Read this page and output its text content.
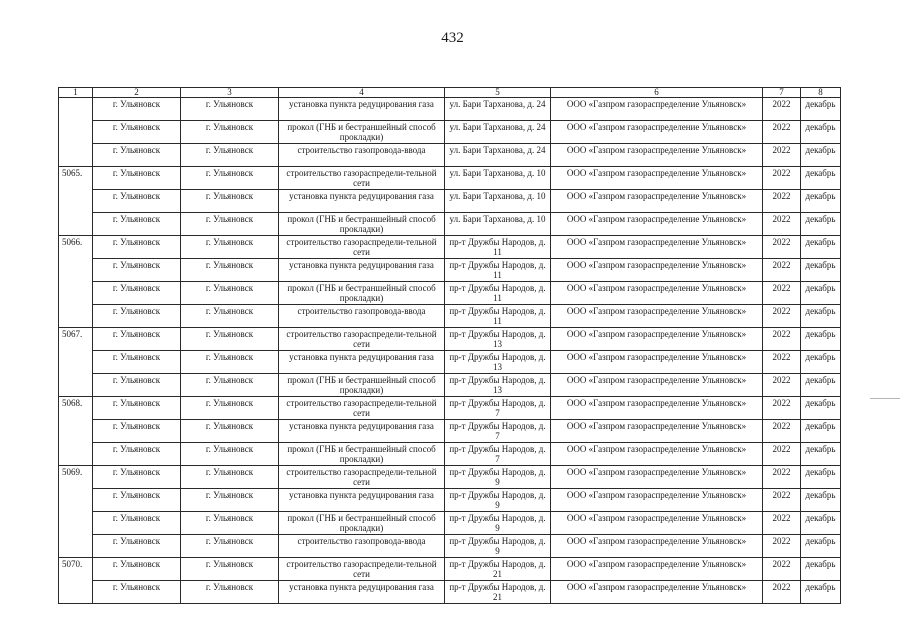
432
1	2	3	4	5	6	7	8
	г. Ульяновск	г. Ульяновск	установка пункта редуцирования газа	ул. Бари Тарханова, д. 24	ООО «Газпром газораспределение Ульяновск»	2022	декабрь
	г. Ульяновск	г. Ульяновск	прокол (ГНБ и бестраншейный способ прокладки)	ул. Бари Тарханова, д. 24	ООО «Газпром газораспределение Ульяновск»	2022	декабрь
	г. Ульяновск	г. Ульяновск	строительство газопровода-ввода	ул. Бари Тарханова, д. 24	ООО «Газпром газораспределение Ульяновск»	2022	декабрь
5065.	г. Ульяновск	г. Ульяновск	строительство газораспредели-тельной сети	ул. Бари Тарханова, д. 10	ООО «Газпром газораспределение Ульяновск»	2022	декабрь
	г. Ульяновск	г. Ульяновск	установка пункта редуцирования газа	ул. Бари Тарханова, д. 10	ООО «Газпром газораспределение Ульяновск»	2022	декабрь
	г. Ульяновск	г. Ульяновск	прокол (ГНБ и бестраншейный способ прокладки)	ул. Бари Тарханова, д. 10	ООО «Газпром газораспределение Ульяновск»	2022	декабрь
5066.	г. Ульяновск	г. Ульяновск	строительство газораспредели-тельной сети	пр-т Дружбы Народов, д. 11	ООО «Газпром газораспределение Ульяновск»	2022	декабрь
	г. Ульяновск	г. Ульяновск	установка пункта редуцирования газа	пр-т Дружбы Народов, д. 11	ООО «Газпром газораспределение Ульяновск»	2022	декабрь
	г. Ульяновск	г. Ульяновск	прокол (ГНБ и бестраншейный способ прокладки)	пр-т Дружбы Народов, д. 11	ООО «Газпром газораспределение Ульяновск»	2022	декабрь
	г. Ульяновск	г. Ульяновск	строительство газопровода-ввода	пр-т Дружбы Народов, д. 11	ООО «Газпром газораспределение Ульяновск»	2022	декабрь
5067.	г. Ульяновск	г. Ульяновск	строительство газораспредели-тельной сети	пр-т Дружбы Народов, д. 13	ООО «Газпром газораспределение Ульяновск»	2022	декабрь
	г. Ульяновск	г. Ульяновск	установка пункта редуцирования газа	пр-т Дружбы Народов, д. 13	ООО «Газпром газораспределение Ульяновск»	2022	декабрь
	г. Ульяновск	г. Ульяновск	прокол (ГНБ и бестраншейный способ прокладки)	пр-т Дружбы Народов, д. 13	ООО «Газпром газораспределение Ульяновск»	2022	декабрь
5068.	г. Ульяновск	г. Ульяновск	строительство газораспредели-тельной сети	пр-т Дружбы Народов, д. 7	ООО «Газпром газораспределение Ульяновск»	2022	декабрь
	г. Ульяновск	г. Ульяновск	установка пункта редуцирования газа	пр-т Дружбы Народов, д. 7	ООО «Газпром газораспределение Ульяновск»	2022	декабрь
	г. Ульяновск	г. Ульяновск	прокол (ГНБ и бестраншейный способ прокладки)	пр-т Дружбы Народов, д. 7	ООО «Газпром газораспределение Ульяновск»	2022	декабрь
5069.	г. Ульяновск	г. Ульяновск	строительство газораспредели-тельной сети	пр-т Дружбы Народов, д. 9	ООО «Газпром газораспределение Ульяновск»	2022	декабрь
	г. Ульяновск	г. Ульяновск	установка пункта редуцирования газа	пр-т Дружбы Народов, д. 9	ООО «Газпром газораспределение Ульяновск»	2022	декабрь
	г. Ульяновск	г. Ульяновск	прокол (ГНБ и бестраншейный способ прокладки)	пр-т Дружбы Народов, д. 9	ООО «Газпром газораспределение Ульяновск»	2022	декабрь
	г. Ульяновск	г. Ульяновск	строительство газопровода-ввода	пр-т Дружбы Народов, д. 9	ООО «Газпром газораспределение Ульяновск»	2022	декабрь
5070.	г. Ульяновск	г. Ульяновск	строительство газораспредели-тельной сети	пр-т Дружбы Народов, д. 21	ООО «Газпром газораспределение Ульяновск»	2022	декабрь
	г. Ульяновск	г. Ульяновск	установка пункта редуцирования газа	пр-т Дружбы Народов, д. 21	ООО «Газпром газораспределение Ульяновск»	2022	декабрь
